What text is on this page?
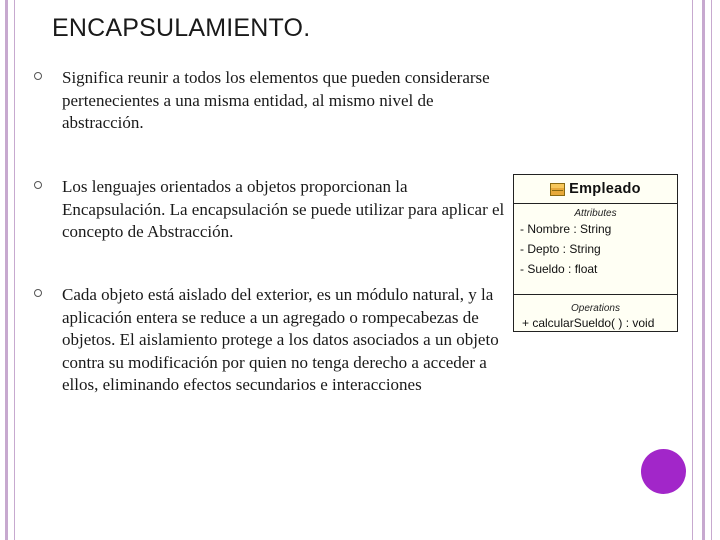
ENCAPSULAMIENTO.
Significa reunir a todos los elementos que pueden considerarse pertenecientes a una misma entidad, al mismo nivel de abstracción.
Los lenguajes orientados a objetos proporcionan la Encapsulación. La encapsulación se puede utilizar para aplicar el concepto de Abstracción.
Cada objeto está aislado del exterior, es un módulo natural, y la aplicación entera se reduce a un agregado o rompecabezas de objetos. El aislamiento protege a los datos asociados a un objeto contra su modificación por quien no tenga derecho a acceder a ellos, eliminando efectos secundarios e interacciones
Empleado
Attributes
- Nombre : String
- Depto : String
- Sueldo : float
Operations
+ calcularSueldo( ) : void
